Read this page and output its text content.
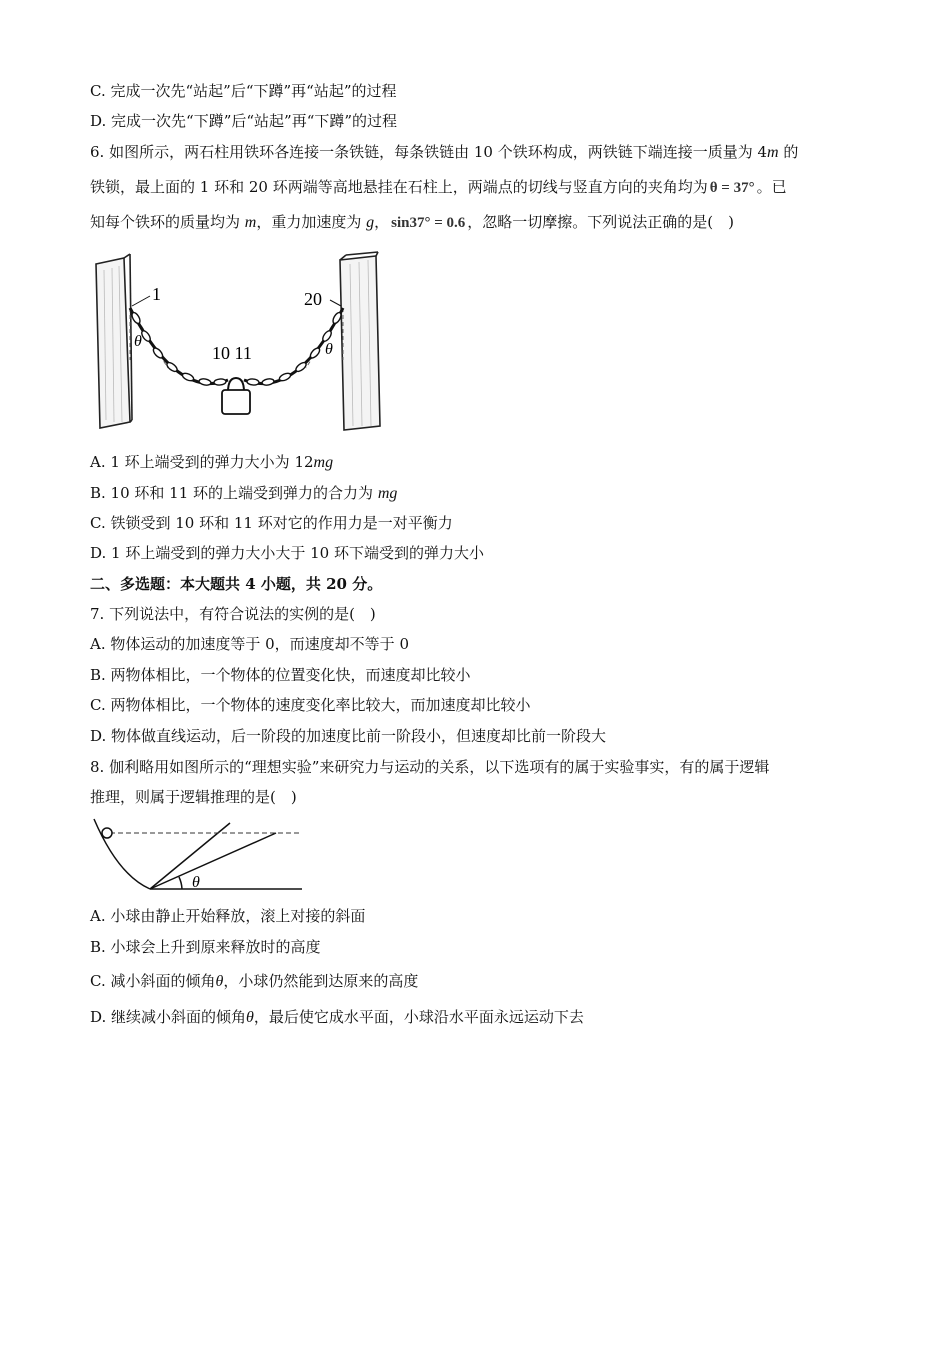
C. 完成一次先“站起”后“下蹲”再“站起”的过程
D. 完成一次先“下蹲”后“站起”再“下蹲”的过程
6. 如图所示，两石柱用铁环各连接一条铁链，每条铁链由 10 个铁环构成，两铁链下端连接一质量为 4m 的
铁锁，最上面的 1 环和 20 环两端等高地悬挂在石柱上，两端点的切线与竖直方向的夹角均为 θ = 37° 。已
知每个铁环的质量均为 m，重力加速度为 g， sin37° = 0.6 ，忽略一切摩擦。下列说法正确的是(　)
1	20
10 11
θ	θ
A. 1 环上端受到的弹力大小为 12mg
B. 10 环和 11 环的上端受到弹力的合力为 mg
C. 铁锁受到 10 环和 11 环对它的作用力是一对平衡力
D. 1 环上端受到的弹力大小大于 10 环下端受到的弹力大小
二、多选题：本大题共 4 小题，共 20 分。
7. 下列说法中，有符合说法的实例的是(　)
A. 物体运动的加速度等于 0，而速度却不等于 0
B. 两物体相比，一个物体的位置变化快，而速度却比较小
C. 两物体相比，一个物体的速度变化率比较大，而加速度却比较小
D. 物体做直线运动，后一阶段的加速度比前一阶段小，但速度却比前一阶段大
8. 伽利略用如图所示的“理想实验”来研究力与运动的关系，以下选项有的属于实验事实，有的属于逻辑
推理，则属于逻辑推理的是(　)
θ
A. 小球由静止开始释放，滚上对接的斜面
B. 小球会上升到原来释放时的高度
C. 减小斜面的倾角θ，小球仍然能到达原来的高度
D. 继续减小斜面的倾角θ，最后使它成水平面，小球沿水平面永远运动下去
